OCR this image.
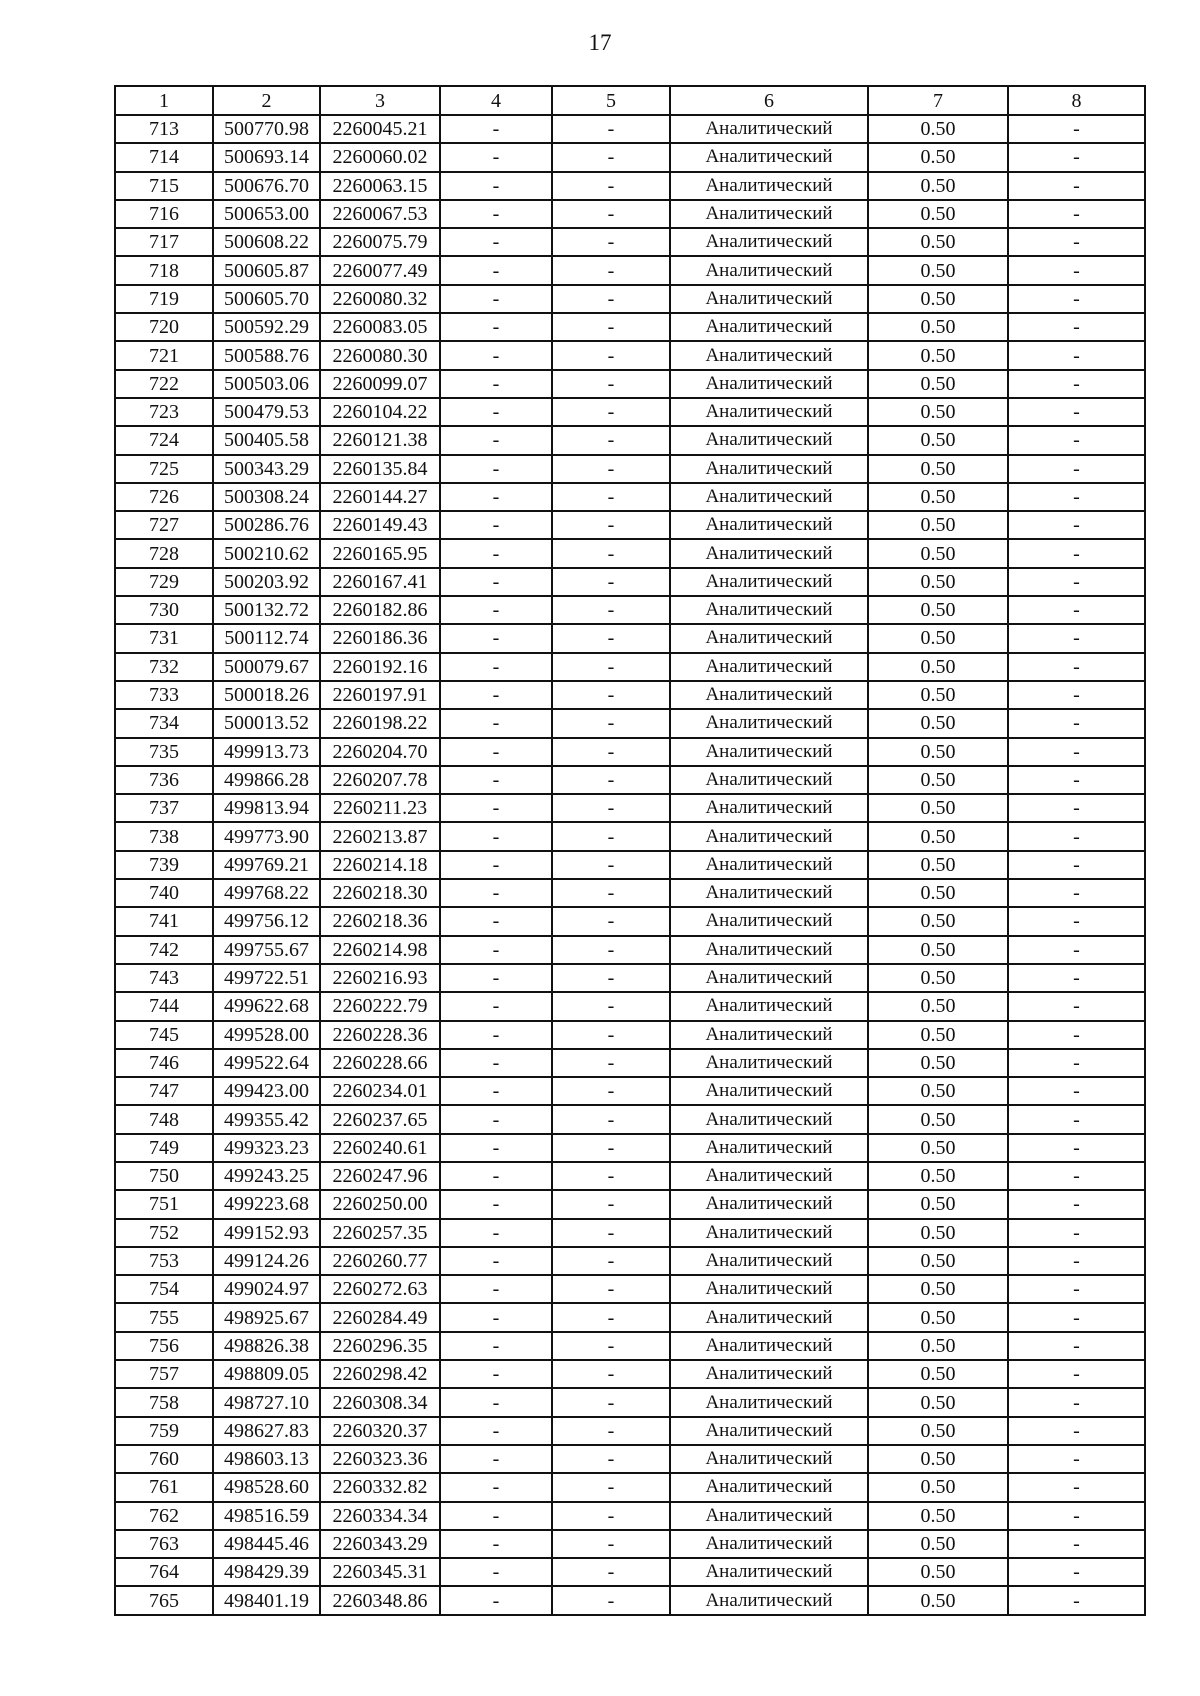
17
1	2	3	4	5	6	7	8
713	500770.98	2260045.21	-	-	Аналитический	0.50	-
714	500693.14	2260060.02	-	-	Аналитический	0.50	-
715	500676.70	2260063.15	-	-	Аналитический	0.50	-
716	500653.00	2260067.53	-	-	Аналитический	0.50	-
717	500608.22	2260075.79	-	-	Аналитический	0.50	-
718	500605.87	2260077.49	-	-	Аналитический	0.50	-
719	500605.70	2260080.32	-	-	Аналитический	0.50	-
720	500592.29	2260083.05	-	-	Аналитический	0.50	-
721	500588.76	2260080.30	-	-	Аналитический	0.50	-
722	500503.06	2260099.07	-	-	Аналитический	0.50	-
723	500479.53	2260104.22	-	-	Аналитический	0.50	-
724	500405.58	2260121.38	-	-	Аналитический	0.50	-
725	500343.29	2260135.84	-	-	Аналитический	0.50	-
726	500308.24	2260144.27	-	-	Аналитический	0.50	-
727	500286.76	2260149.43	-	-	Аналитический	0.50	-
728	500210.62	2260165.95	-	-	Аналитический	0.50	-
729	500203.92	2260167.41	-	-	Аналитический	0.50	-
730	500132.72	2260182.86	-	-	Аналитический	0.50	-
731	500112.74	2260186.36	-	-	Аналитический	0.50	-
732	500079.67	2260192.16	-	-	Аналитический	0.50	-
733	500018.26	2260197.91	-	-	Аналитический	0.50	-
734	500013.52	2260198.22	-	-	Аналитический	0.50	-
735	499913.73	2260204.70	-	-	Аналитический	0.50	-
736	499866.28	2260207.78	-	-	Аналитический	0.50	-
737	499813.94	2260211.23	-	-	Аналитический	0.50	-
738	499773.90	2260213.87	-	-	Аналитический	0.50	-
739	499769.21	2260214.18	-	-	Аналитический	0.50	-
740	499768.22	2260218.30	-	-	Аналитический	0.50	-
741	499756.12	2260218.36	-	-	Аналитический	0.50	-
742	499755.67	2260214.98	-	-	Аналитический	0.50	-
743	499722.51	2260216.93	-	-	Аналитический	0.50	-
744	499622.68	2260222.79	-	-	Аналитический	0.50	-
745	499528.00	2260228.36	-	-	Аналитический	0.50	-
746	499522.64	2260228.66	-	-	Аналитический	0.50	-
747	499423.00	2260234.01	-	-	Аналитический	0.50	-
748	499355.42	2260237.65	-	-	Аналитический	0.50	-
749	499323.23	2260240.61	-	-	Аналитический	0.50	-
750	499243.25	2260247.96	-	-	Аналитический	0.50	-
751	499223.68	2260250.00	-	-	Аналитический	0.50	-
752	499152.93	2260257.35	-	-	Аналитический	0.50	-
753	499124.26	2260260.77	-	-	Аналитический	0.50	-
754	499024.97	2260272.63	-	-	Аналитический	0.50	-
755	498925.67	2260284.49	-	-	Аналитический	0.50	-
756	498826.38	2260296.35	-	-	Аналитический	0.50	-
757	498809.05	2260298.42	-	-	Аналитический	0.50	-
758	498727.10	2260308.34	-	-	Аналитический	0.50	-
759	498627.83	2260320.37	-	-	Аналитический	0.50	-
760	498603.13	2260323.36	-	-	Аналитический	0.50	-
761	498528.60	2260332.82	-	-	Аналитический	0.50	-
762	498516.59	2260334.34	-	-	Аналитический	0.50	-
763	498445.46	2260343.29	-	-	Аналитический	0.50	-
764	498429.39	2260345.31	-	-	Аналитический	0.50	-
765	498401.19	2260348.86	-	-	Аналитический	0.50	-
